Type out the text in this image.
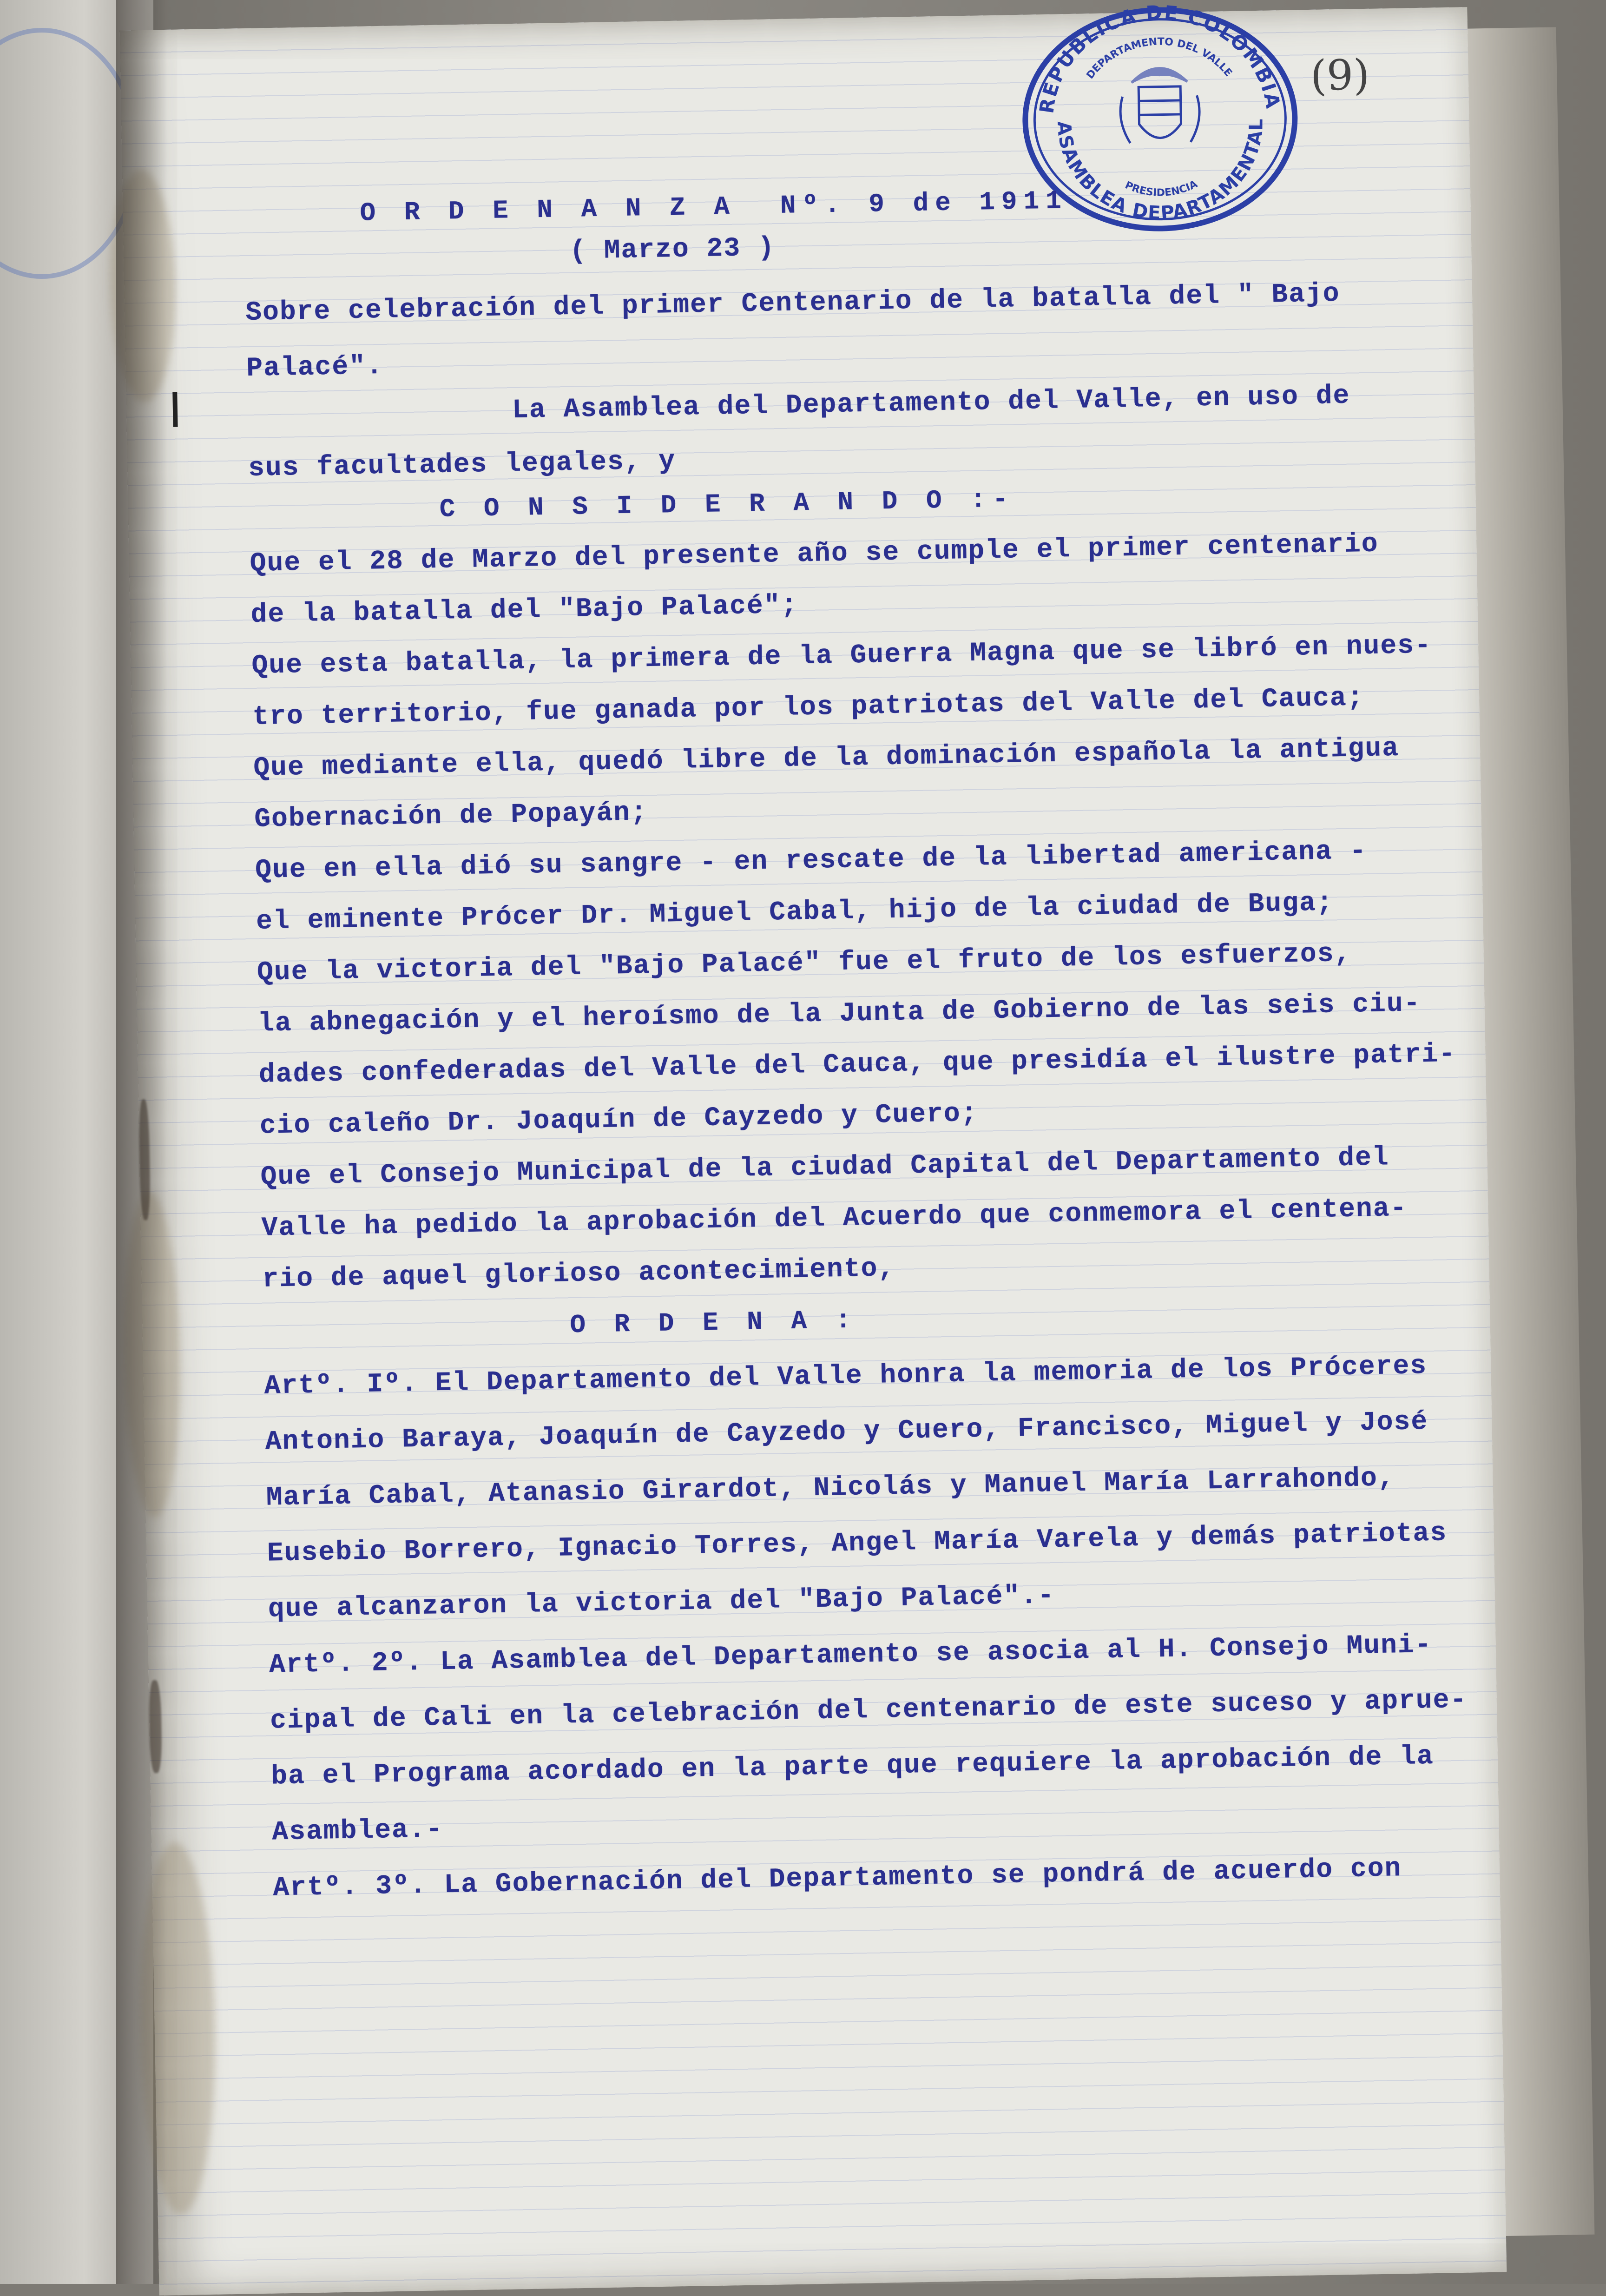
REPUBLICA DE COLOMBIA
DEPARTAMENTO DEL VALLE
ASAMBLEA DEPARTAMENTAL
PRESIDENCIA
(9)
O R D E N A N Z A  Nº. 9 de 1911
( Marzo 23 )
Sobre celebración del primer Centenario de la batalla del " Bajo
Palacé".
La Asamblea del Departamento del Valle, en uso de
sus facultades legales, y
C O N S I D E R A N D O :-
Que el 28 de Marzo del presente año se cumple el primer centenario
de la batalla del "Bajo Palacé";
Que esta batalla, la primera de la Guerra Magna que se libró en nues-
tro territorio, fue ganada por los patriotas del Valle del Cauca;
Que mediante ella, quedó libre de la dominación española la antigua
Gobernación de Popayán;
Que en ella dió su sangre - en rescate de la libertad americana -
el eminente Prócer Dr. Miguel Cabal, hijo de la ciudad de Buga;
Que la victoria del "Bajo Palacé" fue el fruto de los esfuerzos,
la abnegación y el heroísmo de la Junta de Gobierno de las seis ciu-
dades confederadas del Valle del Cauca, que presidía el ilustre patri-
cio caleño Dr. Joaquín de Cayzedo y Cuero;
Que el Consejo Municipal de la ciudad Capital del Departamento del
Valle ha pedido la aprobación del Acuerdo que conmemora el centena-
rio de aquel glorioso acontecimiento,
O R D E N A :
Artº. Iº. El Departamento del Valle honra la memoria de los Próceres
Antonio Baraya, Joaquín de Cayzedo y Cuero, Francisco, Miguel y José
María Cabal, Atanasio Girardot, Nicolás y Manuel María Larrahondo,
Eusebio Borrero, Ignacio Torres, Angel María Varela y demás patriotas
que alcanzaron la victoria del "Bajo Palacé".-
Artº. 2º. La Asamblea del Departamento se asocia al H. Consejo Muni-
cipal de Cali en la celebración del centenario de este suceso y aprue-
ba el Programa acordado en la parte que requiere la aprobación de la
Asamblea.-
Artº. 3º. La Gobernación del Departamento se pondrá de acuerdo con
